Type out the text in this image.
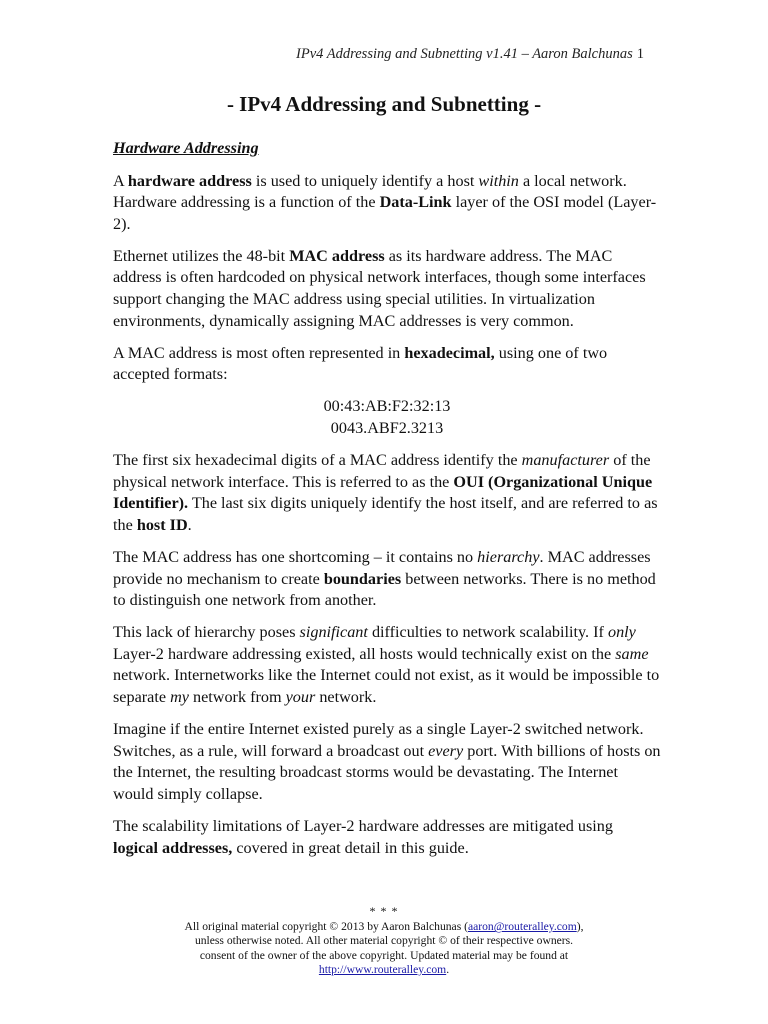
IPv4 Addressing and Subnetting v1.41 – Aaron Balchunas 1
- IPv4 Addressing and Subnetting -
Hardware Addressing

A hardware address is used to uniquely identify a host within a local network. Hardware addressing is a function of the Data-Link layer of the OSI model (Layer-2).

Ethernet utilizes the 48-bit MAC address as its hardware address. The MAC address is often hardcoded on physical network interfaces, though some interfaces support changing the MAC address using special utilities. In virtualization environments, dynamically assigning MAC addresses is very common.

A MAC address is most often represented in hexadecimal, using one of two accepted formats:

00:43:AB:F2:32:13
0043.ABF2.3213

The first six hexadecimal digits of a MAC address identify the manufacturer of the physical network interface. This is referred to as the OUI (Organizational Unique Identifier). The last six digits uniquely identify the host itself, and are referred to as the host ID.

The MAC address has one shortcoming – it contains no hierarchy. MAC addresses provide no mechanism to create boundaries between networks. There is no method to distinguish one network from another.

This lack of hierarchy poses significant difficulties to network scalability. If only Layer-2 hardware addressing existed, all hosts would technically exist on the same network. Internetworks like the Internet could not exist, as it would be impossible to separate my network from your network.

Imagine if the entire Internet existed purely as a single Layer-2 switched network. Switches, as a rule, will forward a broadcast out every port. With billions of hosts on the Internet, the resulting broadcast storms would be devastating. The Internet would simply collapse.

The scalability limitations of Layer-2 hardware addresses are mitigated using logical addresses, covered in great detail in this guide.

* * *
All original material copyright © 2013 by Aaron Balchunas (aaron@routeralley.com),
unless otherwise noted. All other material copyright © of their respective owners.
consent of the owner of the above copyright. Updated material may be found at
http://www.routeralley.com.
